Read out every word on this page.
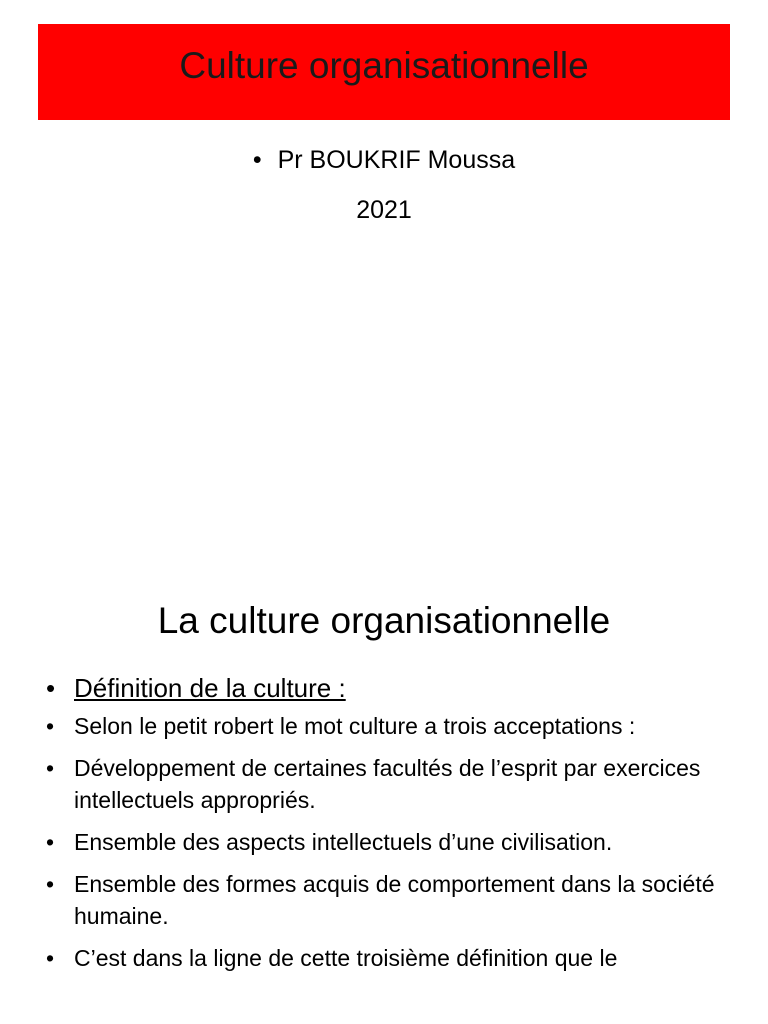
Culture organisationnelle
• Pr BOUKRIF Moussa
2021
La culture organisationnelle
• Définition de la culture :
• Selon le petit robert le mot culture a trois acceptations :
• Développement de certaines facultés de l’esprit par exercices intellectuels appropriés.
• Ensemble des aspects intellectuels d’une civilisation.
• Ensemble des formes acquis de comportement dans la société humaine.
• C’est dans la ligne de cette troisième définition que le
